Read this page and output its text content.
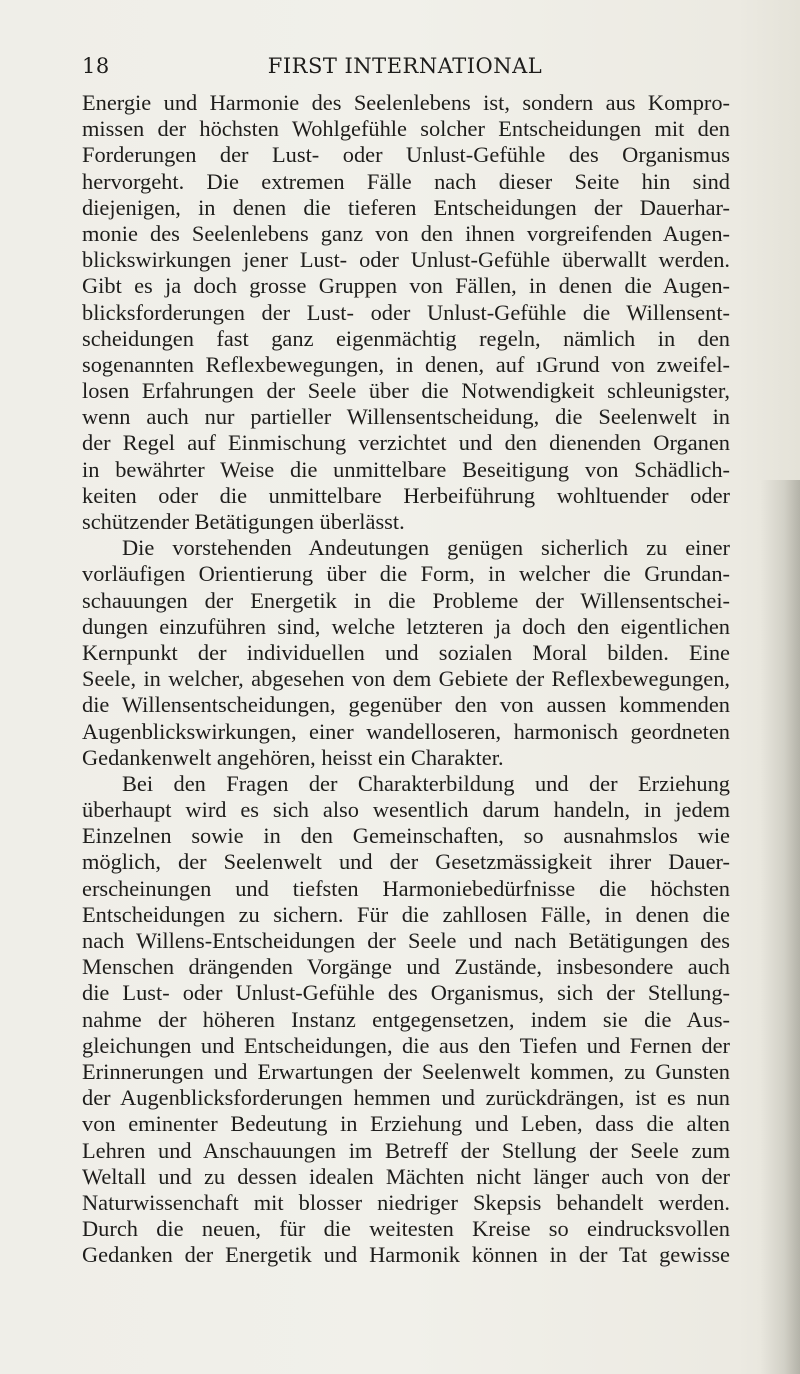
18	FIRST INTERNATIONAL
Energie und Harmonie des Seelenlebens ist, sondern aus Kompro-
missen der höchsten Wohlgefühle solcher Entscheidungen mit den
Forderungen der Lust- oder Unlust-Gefühle des Organismus
hervorgeht. Die extremen Fälle nach dieser Seite hin sind
diejenigen, in denen die tieferen Entscheidungen der Dauerhar-
monie des Seelenlebens ganz von den ihnen vorgreifenden Augen-
blickswirkungen jener Lust- oder Unlust-Gefühle überwallt werden.
Gibt es ja doch grosse Gruppen von Fällen, in denen die Augen-
blicksforderungen der Lust- oder Unlust-Gefühle die Willensent-
scheidungen fast ganz eigenmächtig regeln, nämlich in den
sogenannten Reflexbewegungen, in denen, auf ıGrund von zweifel-
losen Erfahrungen der Seele über die Notwendigkeit schleunigster,
wenn auch nur partieller Willensentscheidung, die Seelenwelt in
der Regel auf Einmischung verzichtet und den dienenden Organen
in bewährter Weise die unmittelbare Beseitigung von Schädlich-
keiten oder die unmittelbare Herbeiführung wohltuender oder
schützender Betätigungen überlässt.
Die vorstehenden Andeutungen genügen sicherlich zu einer
vorläufigen Orientierung über die Form, in welcher die Grundan-
schauungen der Energetik in die Probleme der Willensentschei-
dungen einzuführen sind, welche letzteren ja doch den eigentlichen
Kernpunkt der individuellen und sozialen Moral bilden. Eine
Seele, in welcher, abgesehen von dem Gebiete der Reflexbewegungen,
die Willensentscheidungen, gegenüber den von aussen kommenden
Augenblickswirkungen, einer wandelloseren, harmonisch geordneten
Gedankenwelt angehören, heisst ein Charakter.
Bei den Fragen der Charakterbildung und der Erziehung
überhaupt wird es sich also wesentlich darum handeln, in jedem
Einzelnen sowie in den Gemeinschaften, so ausnahmslos wie
möglich, der Seelenwelt und der Gesetzmässigkeit ihrer Dauer-
erscheinungen und tiefsten Harmoniebedürfnisse die höchsten
Entscheidungen zu sichern. Für die zahllosen Fälle, in denen die
nach Willens-Entscheidungen der Seele und nach Betätigungen des
Menschen drängenden Vorgänge und Zustände, insbesondere auch
die Lust- oder Unlust-Gefühle des Organismus, sich der Stellung-
nahme der höheren Instanz entgegensetzen, indem sie die Aus-
gleichungen und Entscheidungen, die aus den Tiefen und Fernen der
Erinnerungen und Erwartungen der Seelenwelt kommen, zu Gunsten
der Augenblicksforderungen hemmen und zurückdrängen, ist es nun
von eminenter Bedeutung in Erziehung und Leben, dass die alten
Lehren und Anschauungen im Betreff der Stellung der Seele zum
Weltall und zu dessen idealen Mächten nicht länger auch von der
Naturwissenchaft mit blosser niedriger Skepsis behandelt werden.
Durch die neuen, für die weitesten Kreise so eindrucksvollen
Gedanken der Energetik und Harmonik können in der Tat gewisse
